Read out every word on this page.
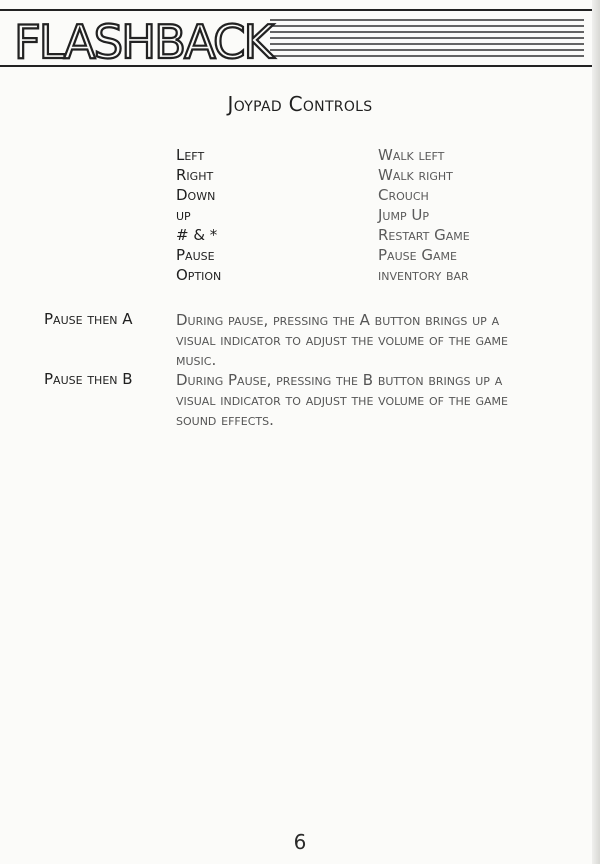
FLASHBACK
Joypad Controls
Left	Walk left
Right	Walk right
Down	Crouch
up	Jump Up
# & *	Restart Game
Pause	Pause Game
Option	inventory bar
Pause then A	During pause, pressing the A button brings up a visual indicator to adjust the volume of the game music.
Pause then B	During Pause, pressing the B button brings up a visual indicator to adjust the volume of the game sound effects.
6
